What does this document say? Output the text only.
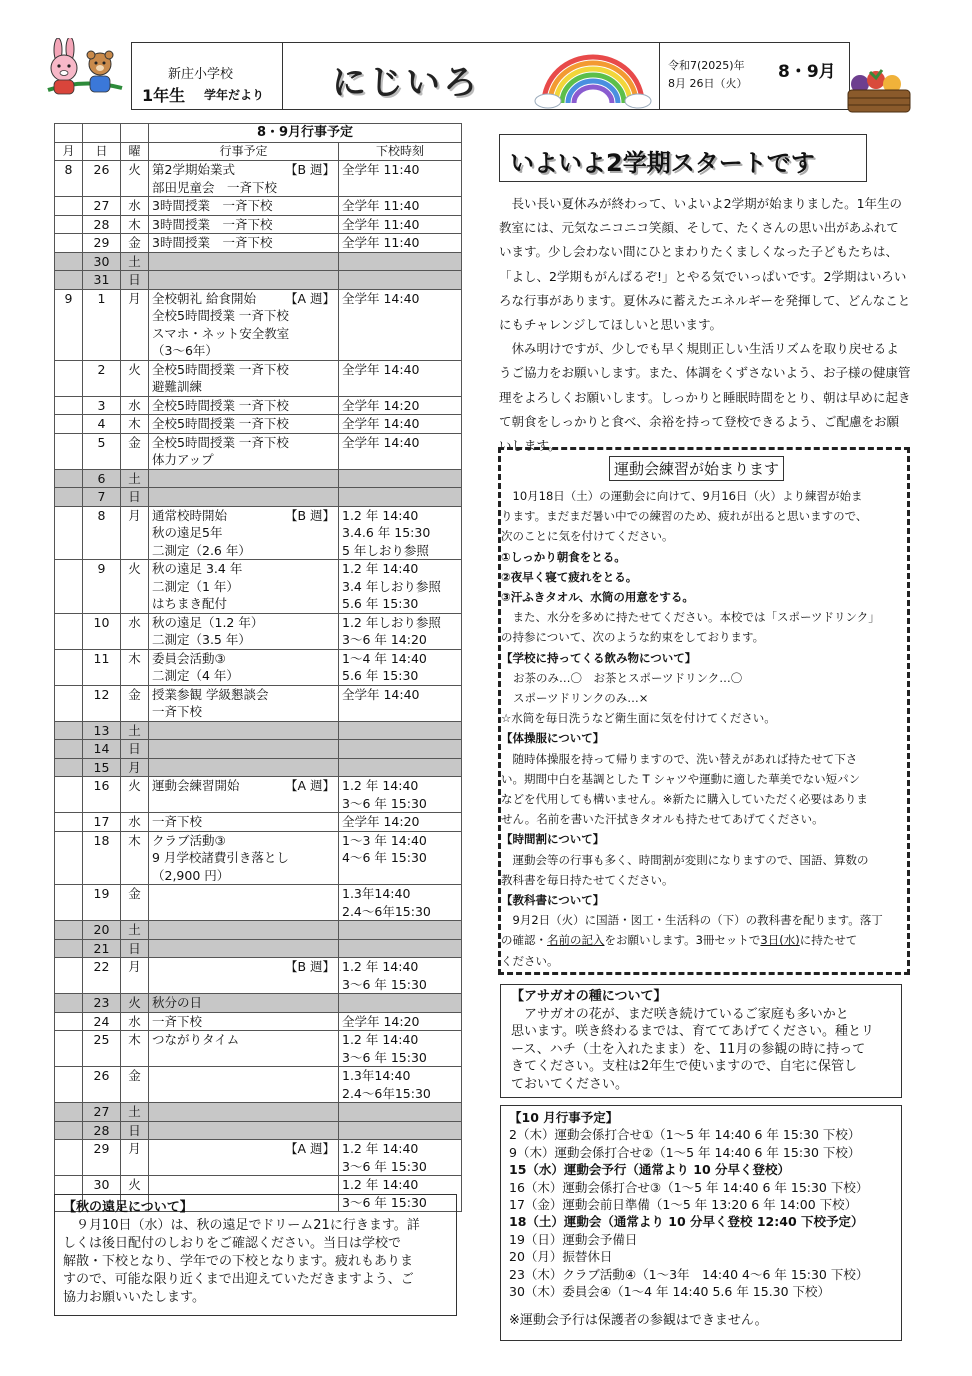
新庄小学校
1年生 学年だより にじいろ	令和7(2025)年
8月 26日（火）
8・9月
			8・9月行事予定	
月	日	曜	行事予定	下校時刻
8	26	火	【B 週】
第2学期始業式
部田児童会　一斉下校	全学年 11:40
	27	水	3時間授業　一斉下校	全学年 11:40
	28	木	3時間授業　一斉下校	全学年 11:40
	29	金	3時間授業　一斉下校	全学年 11:40
	30	土	

	31	日	

9	1	月	【A 週】
全校朝礼 給食開始
全校5時間授業 一斉下校
スマホ・ネット安全教室
（3〜6年）	全学年 14:40
	2	火	全校5時間授業 一斉下校
避難訓練	全学年 14:40
	3	水	全校5時間授業 一斉下校	全学年 14:20
	4	木	全校5時間授業 一斉下校	全学年 14:40
	5	金	全校5時間授業 一斉下校
体力アップ	全学年 14:40
	6	土	

	7	日	

	8	月	【B 週】
通常校時開始
秋の遠足5年
二測定（2.6 年）	1.2 年 14:40
3.4.6 年 15:30
5 年しおり参照
	9	火	秋の遠足 3.4 年
二測定（1 年）
はちまき配付	1.2 年 14:40
3.4 年しおり参照
5.6 年 15:30
	10	水	秋の遠足（1.2 年）
二測定（3.5 年）	1.2 年しおり参照
3〜6 年 14:20
	11	木	委員会活動③
二測定（4 年）	1〜4 年 14:40
5.6 年 15:30
	12	金	授業参観 学級懇談会
一斉下校	全学年 14:40
	13	土	

	14	日	

	15	月	

	16	火	【A 週】
運動会練習開始	1.2 年 14:40
3〜6 年 15:30
	17	水	一斉下校	全学年 14:20
	18	木	クラブ活動③
9 月学校諸費引き落とし
（2,900 円）	1〜3 年 14:40
4〜6 年 15:30
	19	金		1.3年14:40
2.4〜6年15:30
	20	土	

	21	日	

	22	月	【B 週】	1.2 年 14:40
3〜6 年 15:30
	23	火	秋分の日	
	24	水	一斉下校	全学年 14:20
	25	木	つながりタイム	1.2 年 14:40
3〜6 年 15:30
	26	金		1.3年14:40
2.4〜6年15:30
	27	土	

	28	日	

	29	月	【A 週】	1.2 年 14:40
3〜6 年 15:30
	30	火		1.2 年 14:40
3〜6 年 15:30
【秋の遠足について】
　９月10日（水）は、秋の遠足でドリーム21に行きます。詳
しくは後日配付のしおりをご確認ください。当日は学校で
解散・下校となり、学年での下校となります。疲れもありま
すので、可能な限り近くまで出迎えていただきますよう、ご
協力お願いいたします。
いよいよ2学期スタートです

長い長い夏休みが終わって、いよいよ2学期が始まりました。1年生の教室には、元気なニコニコ笑顔、そして、たくさんの思い出があふれています。少し会わない間にひとまわりたくましくなった子どもたちは、「よし、2学期もがんばるぞ!」とやる気でいっぱいです。2学期はいろいろな行事があります。夏休みに蓄えたエネルギーを発揮して、どんなことにもチャレンジしてほしいと思います。

休み明けですが、少しでも早く規則正しい生活リズムを取り戻せるようご協力をお願いします。また、体調をくずさないよう、お子様の健康管理をよろしくお願いします。しっかりと睡眠時間をとり、朝は早めに起きて朝食をしっかりと食べ、余裕を持って登校できるよう、ご配慮をお願いします。

運動会練習が始まります
　10月18日（土）の運動会に向けて、9月16日（火）より練習が始ま
ります。まだまだ暑い中での練習のため、疲れが出ると思いますので、
次のことに気を付けてください。
①しっかり朝食をとる。
②夜早く寝て疲れをとる。
③汗ふきタオル、水筒の用意をする。
　また、水分を多めに持たせてください。本校では「スポーツドリンク」
の持参について、次のような約束をしております。
【学校に持ってくる飲み物について】
お茶のみ…〇　お茶とスポーツドリンク…〇
スポーツドリンクのみ…×
☆水筒を毎日洗うなど衛生面に気を付けてください。
【体操服について】
　随時体操服を持って帰りますので、洗い替えがあれば持たせて下さ
い。期間中白を基調とした T シャツや運動に適した華美でない短パン
などを代用しても構いません。※新たに購入していただく必要はありま
せん。名前を書いた汗拭きタオルも持たせてあげてください。
【時間割について】
　運動会等の行事も多く、時間割が変則になりますので、国語、算数の
教科書を毎日持たせてください。
【教科書について】
　9月2日（火）に国語・図工・生活科の（下）の教科書を配ります。落丁
の確認・名前の記入をお願いします。3冊セットで3日(水)に持たせて
ください。
【アサガオの種について】
　アサガオの花が、まだ咲き続けているご家庭も多いかと
思います。咲き終わるまでは、育ててあげてください。種とリ
ース、ハチ（土を入れたまま）を、11月の参観の時に持って
きてください。支柱は2年生で使いますので、自宅に保管し
ておいてください。
【10 月行事予定】
2（木）運動会係打合せ①（1〜5 年 14:40 6 年 15:30 下校）
9（木）運動会係打合せ②（1〜5 年 14:40 6 年 15:30 下校）
15（水）運動会予行（通常より 10 分早く登校）
16（木）運動会係打合せ③（1〜5 年 14:40 6 年 15:30 下校）
17（金）運動会前日準備（1〜5 年 13:20 6 年 14:00 下校）
18（土）運動会（通常より 10 分早く登校 12:40 下校予定）
19（日）運動会予備日
20（月）振替休日
23（木）クラブ活動④（1〜3年　14:40 4〜6 年 15:30 下校）
30（木）委員会④（1〜4 年 14:40 5.6 年 15.30 下校）
※運動会予行は保護者の参観はできません。
